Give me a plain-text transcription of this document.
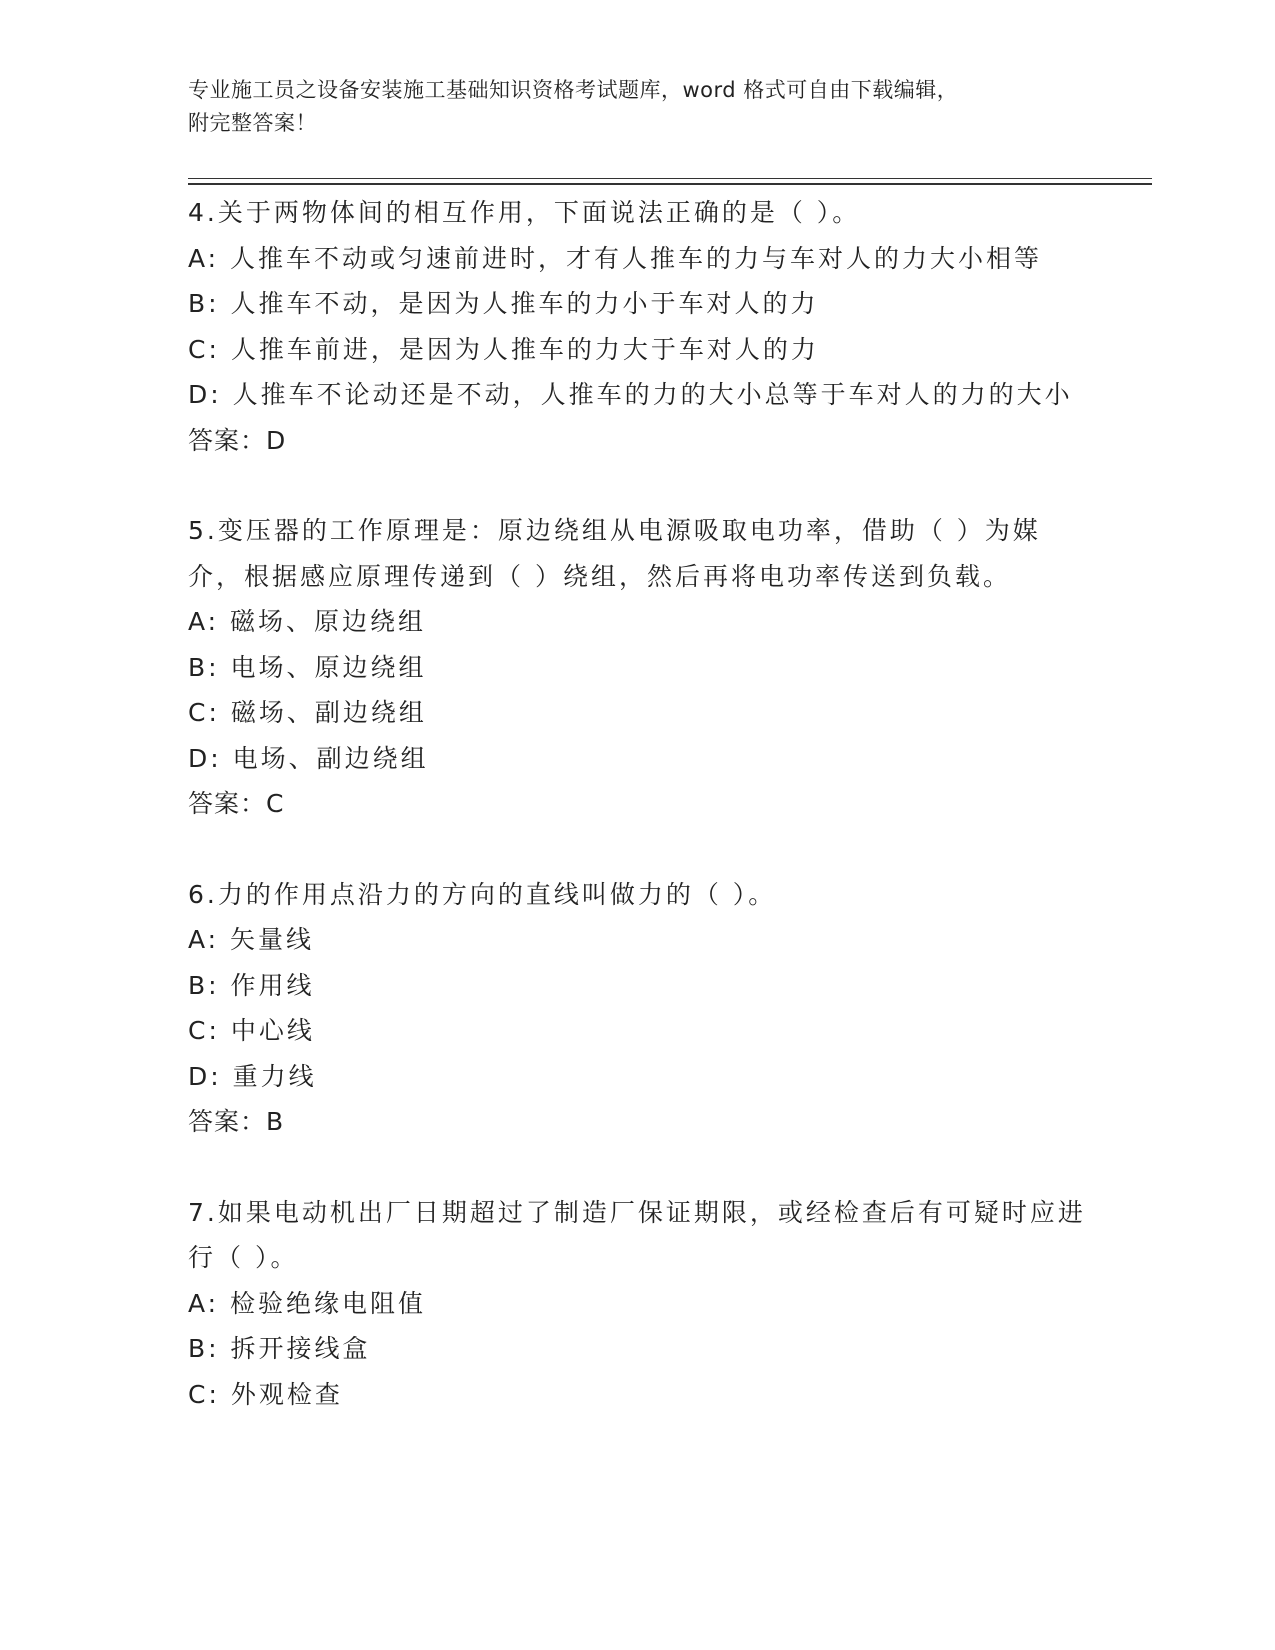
专业施工员之设备安装施工基础知识资格考试题库，word 格式可自由下载编辑，
附完整答案！

4.关于两物体间的相互作用，下面说法正确的是（ ）。

A: 人推车不动或匀速前进时，才有人推车的力与车对人的力大小相等

B: 人推车不动，是因为人推车的力小于车对人的力

C: 人推车前进，是因为人推车的力大于车对人的力

D: 人推车不论动还是不动，人推车的力的大小总等于车对人的力的大小

答案：D

5.变压器的工作原理是：原边绕组从电源吸取电功率，借助（ ）为媒介，根据感应原理传递到（ ）绕组，然后再将电功率传送到负载。

A: 磁场、原边绕组

B: 电场、原边绕组

C: 磁场、副边绕组

D: 电场、副边绕组

答案：C

6.力的作用点沿力的方向的直线叫做力的（ ）。

A: 矢量线

B: 作用线

C: 中心线

D: 重力线

答案：B

7.如果电动机出厂日期超过了制造厂保证期限，或经检查后有可疑时应进行（ ）。

A: 检验绝缘电阻值

B: 拆开接线盒

C: 外观检查
